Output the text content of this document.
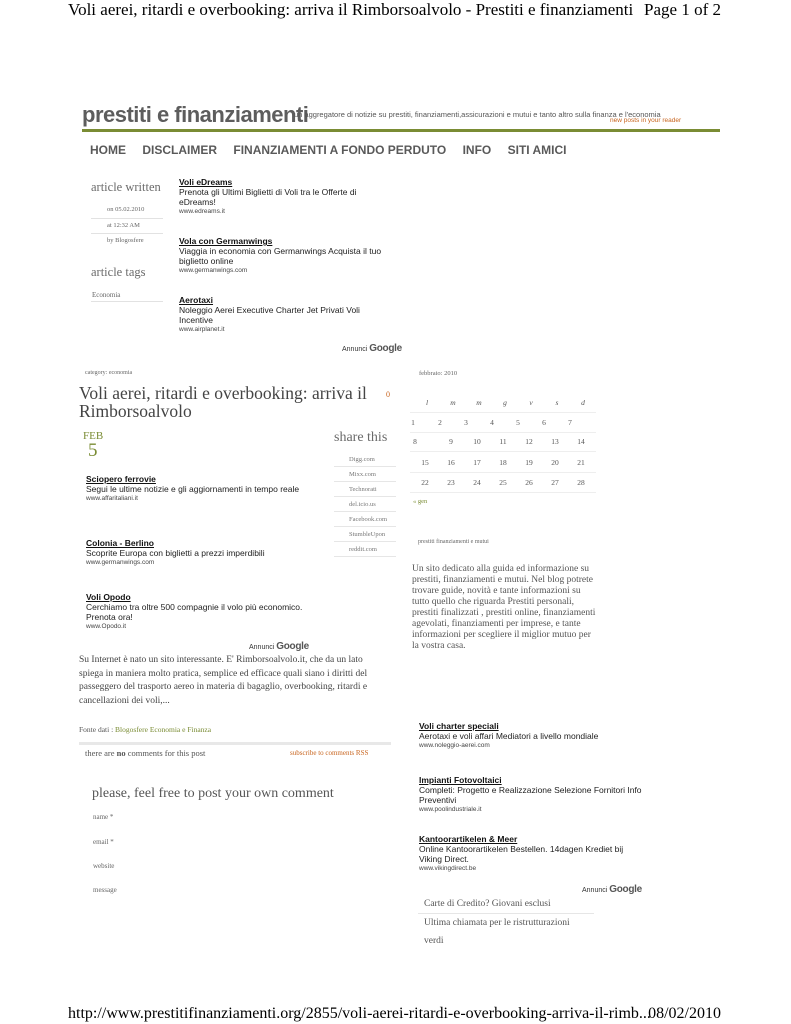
Voli aerei, ritardi e overbooking: arriva il Rimborsoalvolo - Prestiti e finanziamenti Page 1 of 2
prestiti e finanziamenti
un aggregatore di notizie su prestiti, finanziamenti,assicurazioni e mutui e tanto altro sulla finanza e l'economia
new posts in your reader
HOME DISCLAIMER FINANZIAMENTI A FONDO PERDUTO INFO SITI AMICI
article written
on 05.02.2010
at 12:32 AM
by Blogosfere
article tags
Economia
Voli eDreams
Prenota gli Ultimi Biglietti di Voli tra le Offerte di eDreams!
www.edreams.it
Vola con Germanwings
Viaggia in economia con Germanwings Acquista il tuo biglietto online
www.germanwings.com
Aerotaxi
Noleggio Aerei Executive Charter Jet Privati Voli Incentive
www.airplanet.it
Annunci Google
category: economia
Voli aerei, ritardi e overbooking: arriva il Rimborsoalvolo
0
FEB
5
share this
Digg.com
Mixx.com
Technorati
del.icio.us
Facebook.com
StumbleUpon
reddit.com
Sciopero ferrovie
Segui le ultime notizie e gli aggiornamenti in tempo reale
www.affaritaliani.it
Colonia - Berlino
Scoprite Europa con biglietti a prezzi imperdibili
www.germanwings.com
Voli Opodo
Cerchiamo tra oltre 500 compagnie il volo più economico. Prenota ora!
www.Opodo.it
Annunci Google
Su Internet è nato un sito interessante. E' Rimborsoalvolo.it, che da un lato spiega in maniera molto pratica, semplice ed efficace quali siano i diritti del passeggero del trasporto aereo in materia di bagaglio, overbooking, ritardi e cancellazioni dei voli,...
Fonte dati : Blogosfere Economia e Finanza
there are no comments for this post	subscribe to comments RSS
please, feel free to post your own comment
name *
email *
website
message
febbraio: 2010
l	m	m	g	v	s	d
1	2	3	4	5	6	7
8	9	10	11	12	13	14
15	16	17	18	19	20	21
22	23	24	25	26	27	28
« gen
prestiti finanziamenti e mutui
Un sito dedicato alla guida ed informazione su prestiti, finanziamenti e mutui. Nel blog potrete trovare guide, novità e tante informazioni su tutto quello che riguarda Prestiti personali, prestiti finalizzati , prestiti online, finanziamenti agevolati, finanziamenti per imprese, e tante informazioni per scegliere il miglior mutuo per la vostra casa.
Voli charter speciali
Aerotaxi e voli affari Mediatori a livello mondiale
www.noleggio-aerei.com
Impianti Fotovoltaici
Completi: Progetto e Realizzazione Selezione Fornitori Info Preventivi
www.poolindustriale.it
Kantoorartikelen & Meer
Online Kantoorartikelen Bestellen. 14dagen Krediet bij Viking Direct.
www.vikingdirect.be
Annunci Google
Carte di Credito? Giovani esclusi
Ultima chiamata per le ristrutturazioni
verdi
http://www.prestitifinanziamenti.org/2855/voli-aerei-ritardi-e-overbooking-arriva-il-rimb...
08/02/2010
